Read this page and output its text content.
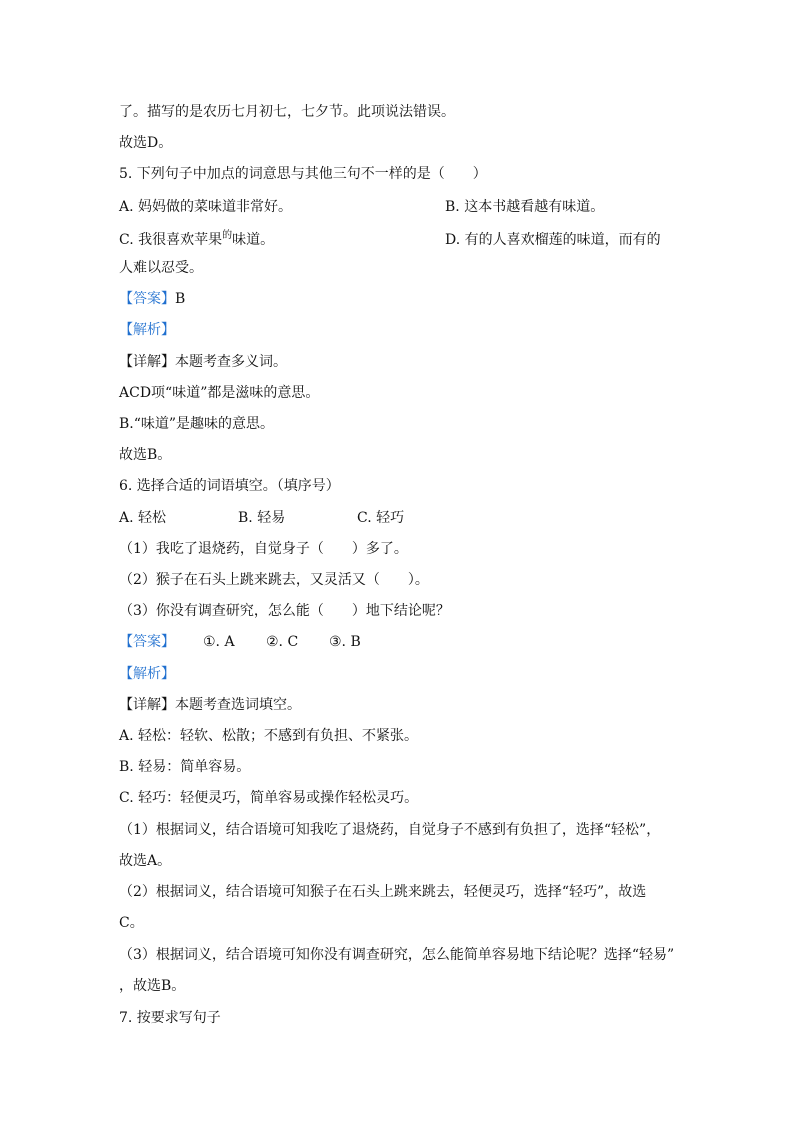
了。描写的是农历七月初七，七夕节。此项说法错误。
故选D。
5. 下列句子中加点的词意思与其他三句不一样的是（　　）
A. 妈妈做的菜味道非常好。	B. 这本书越看越有味道。
C. 我很喜欢苹果$^的$味道。	D. 有的人喜欢榴莲的味道，而有的
人难以忍受。
【答案】B
【解析】
【详解】本题考查多义词。
ACD项“味道”都是滋味的意思。
B.“味道”是趣味的意思。
故选B。
6. 选择合适的词语填空。（填序号）
A. 轻松	B. 轻易	C. 轻巧
（1）我吃了退烧药，自觉身子（　　）多了。
（2）猴子在石头上跳来跳去，又灵活又（　　）。
（3）你没有调查研究，怎么能（　　）地下结论呢？
【答案】 ①. A ②. C ③. B
【解析】
【详解】本题考查选词填空。
A. 轻松：轻软、松散；不感到有负担、不紧张。
B. 轻易：简单容易。
C. 轻巧：轻便灵巧，简单容易或操作轻松灵巧。
（1）根据词义，结合语境可知我吃了退烧药，自觉身子不感到有负担了，选择“轻松”，
故选A。
（2）根据词义，结合语境可知猴子在石头上跳来跳去，轻便灵巧，选择“轻巧”，故选
C。
（3）根据词义，结合语境可知你没有调查研究，怎么能简单容易地下结论呢？选择“轻易”
，故选B。
7. 按要求写句子
